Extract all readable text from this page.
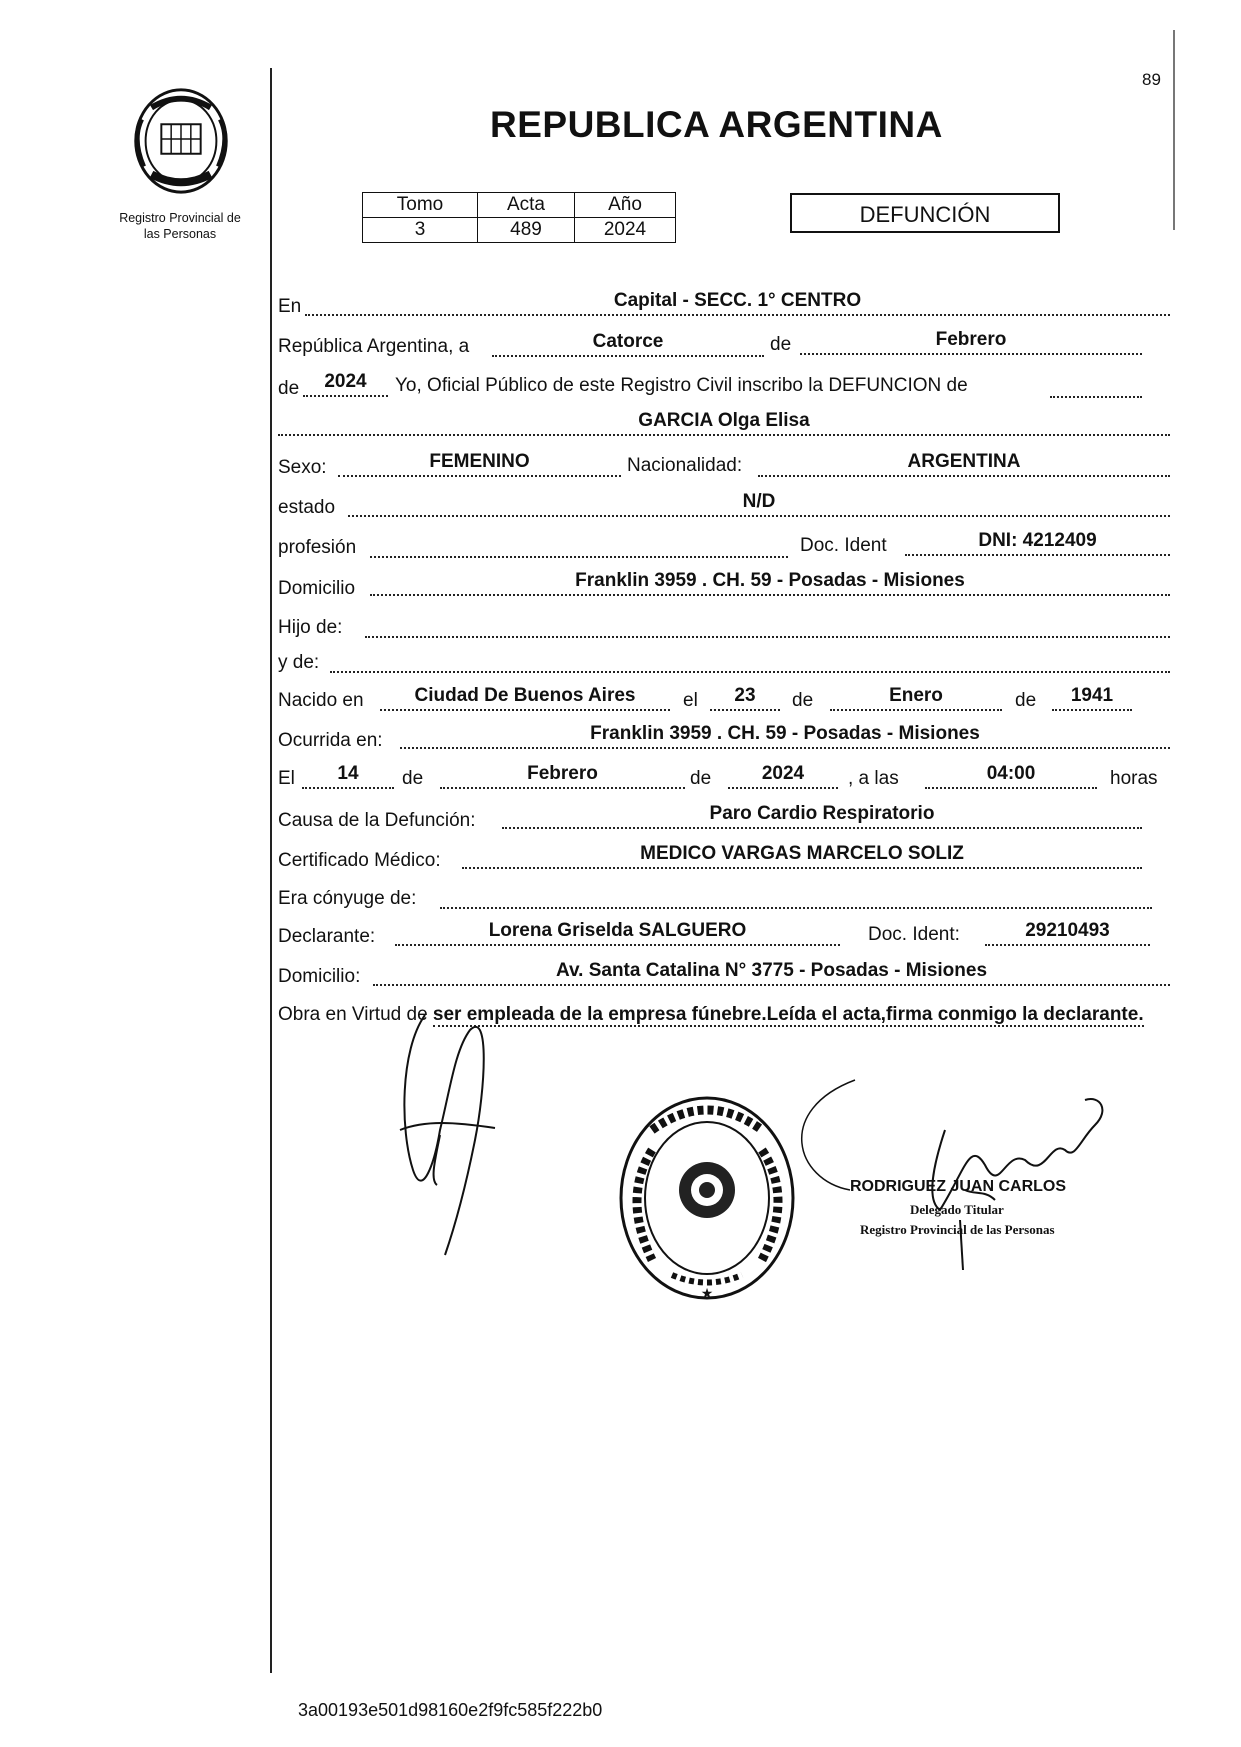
89
Registro Provincial de
las Personas
REPUBLICA ARGENTINA
Tomo	Acta	Año
3	489	2024
DEFUNCIÓN
En	Capital - SECC. 1° CENTRO
República Argentina, a	Catorce	de	Febrero
de	2024	Yo, Oficial Público de este Registro Civil inscribo la DEFUNCION de
GARCIA Olga Elisa
Sexo:	FEMENINO	Nacionalidad:	ARGENTINA
estado	N/D
profesión	Doc. Ident	DNI: 4212409
Domicilio	Franklin 3959 . CH. 59 - Posadas - Misiones
Hijo de:
y de:
Nacido en	Ciudad De Buenos Aires	el	23	de	Enero	de	1941
Ocurrida en:	Franklin 3959 . CH. 59 - Posadas - Misiones
El	14	de	Febrero	de	2024	, a las	04:00	horas
Causa de la Defunción:	Paro Cardio Respiratorio
Certificado Médico:	MEDICO VARGAS MARCELO SOLIZ
Era cónyuge de:
Declarante:	Lorena Griselda SALGUERO	Doc. Ident:	29210493
Domicilio:	Av. Santa Catalina N° 3775 - Posadas - Misiones
Obra en Virtud de ser empleada de la empresa fúnebre.Leída el acta,firma conmigo la declarante.
★
RODRIGUEZ JUAN CARLOS
Delegado Titular
Registro Provincial de las Personas
3a00193e501d98160e2f9fc585f222b0
